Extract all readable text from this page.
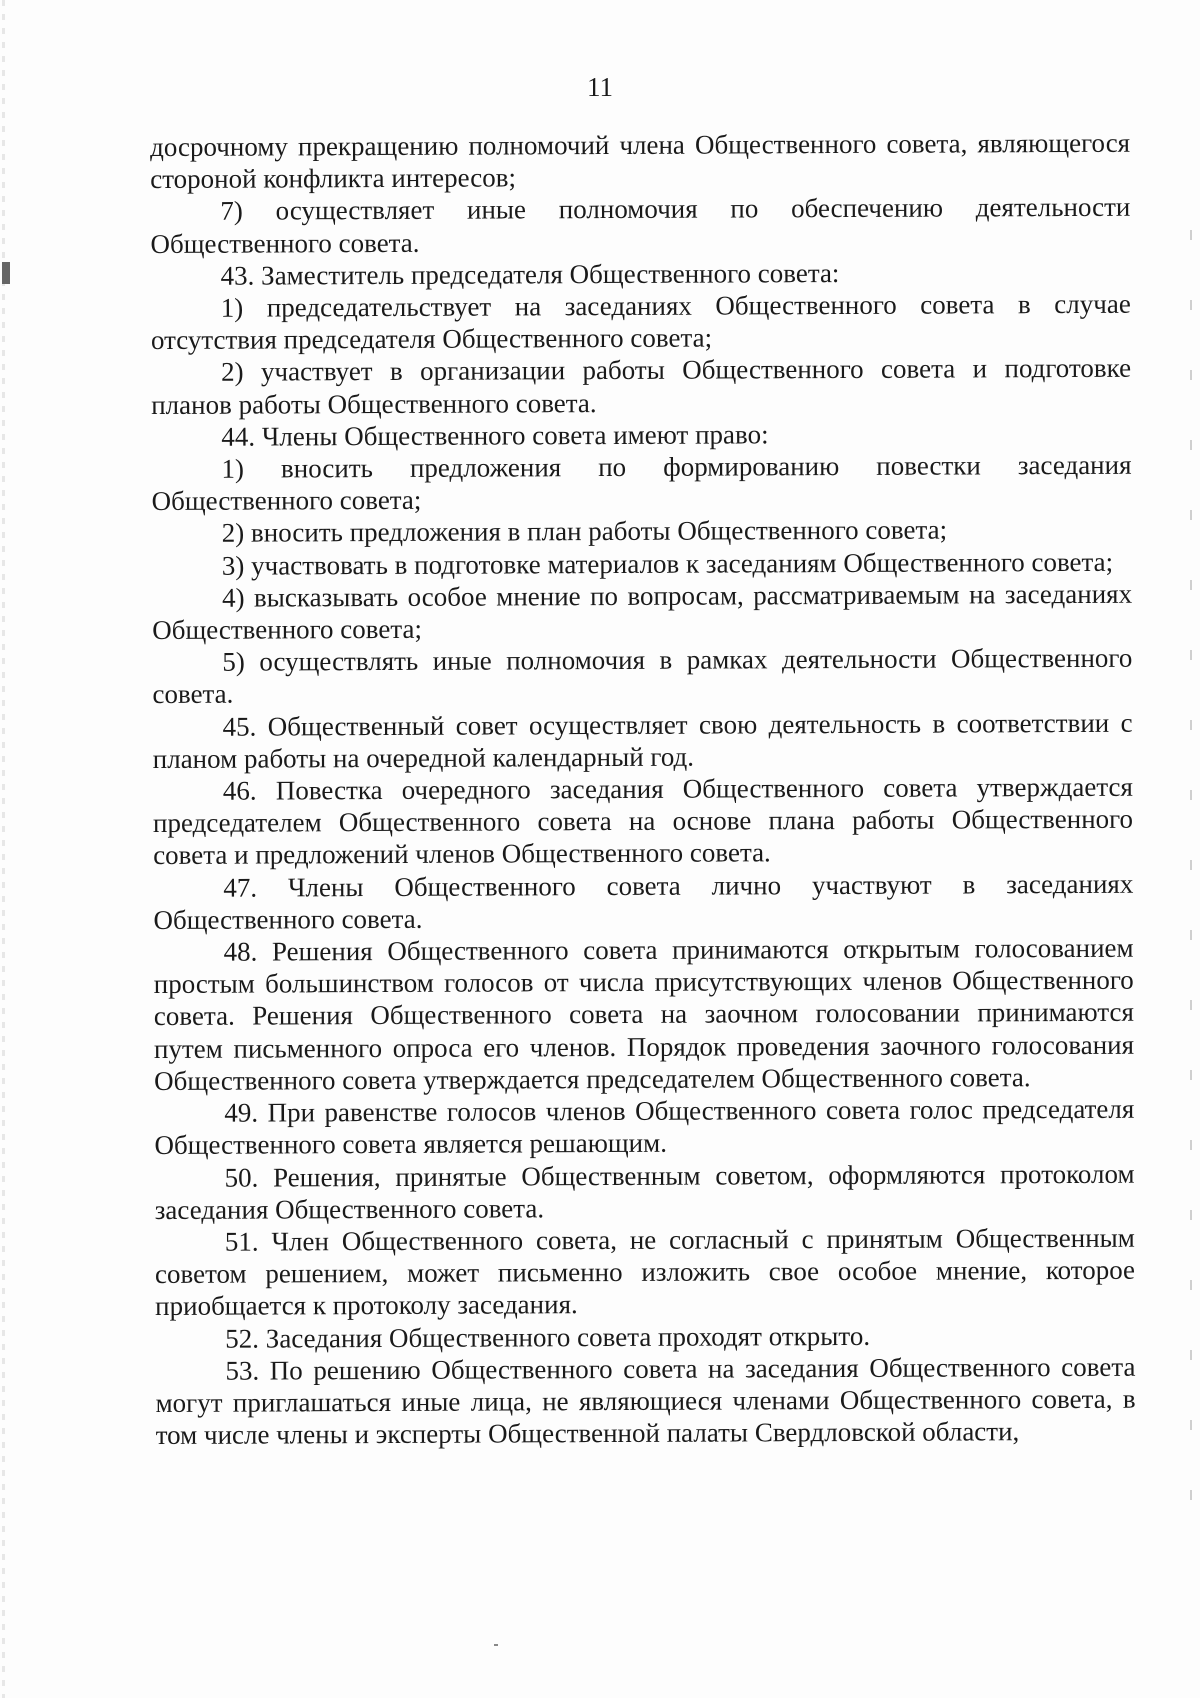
11

досрочному прекращению полномочий члена Общественного совета, являющегося стороной конфликта интересов;

7) осуществляет иные полномочия по обеспечению деятельности Общественного совета.

43. Заместитель председателя Общественного совета:

1) председательствует на заседаниях Общественного совета в случае отсутствия председателя Общественного совета;

2) участвует в организации работы Общественного совета и подготовке планов работы Общественного совета.

44. Члены Общественного совета имеют право:

1) вносить предложения по формированию повестки заседания Общественного совета;

2) вносить предложения в план работы Общественного совета;

3) участвовать в подготовке материалов к заседаниям Общественного совета;

4) высказывать особое мнение по вопросам, рассматриваемым на заседаниях Общественного совета;

5) осуществлять иные полномочия в рамках деятельности Общественного совета.

45. Общественный совет осуществляет свою деятельность в соответствии с планом работы на очередной календарный год.

46. Повестка очередного заседания Общественного совета утверждается председателем Общественного совета на основе плана работы Общественного совета и предложений членов Общественного совета.

47. Члены Общественного совета лично участвуют в заседаниях Общественного совета.

48. Решения Общественного совета принимаются открытым голосованием простым большинством голосов от числа присутствующих членов Общественного совета. Решения Общественного совета на заочном голосовании принимаются путем письменного опроса его членов. Порядок проведения заочного голосования Общественного совета утверждается председателем Общественного совета.

49. При равенстве голосов членов Общественного совета голос председателя Общественного совета является решающим.

50. Решения, принятые Общественным советом, оформляются протоколом заседания Общественного совета.

51. Член Общественного совета, не согласный с принятым Общественным советом решением, может письменно изложить свое особое мнение, которое приобщается к протоколу заседания.

52. Заседания Общественного совета проходят открыто.

53. По решению Общественного совета на заседания Общественного совета могут приглашаться иные лица, не являющиеся членами Общественного совета, в том числе члены и эксперты Общественной палаты Свердловской области,
